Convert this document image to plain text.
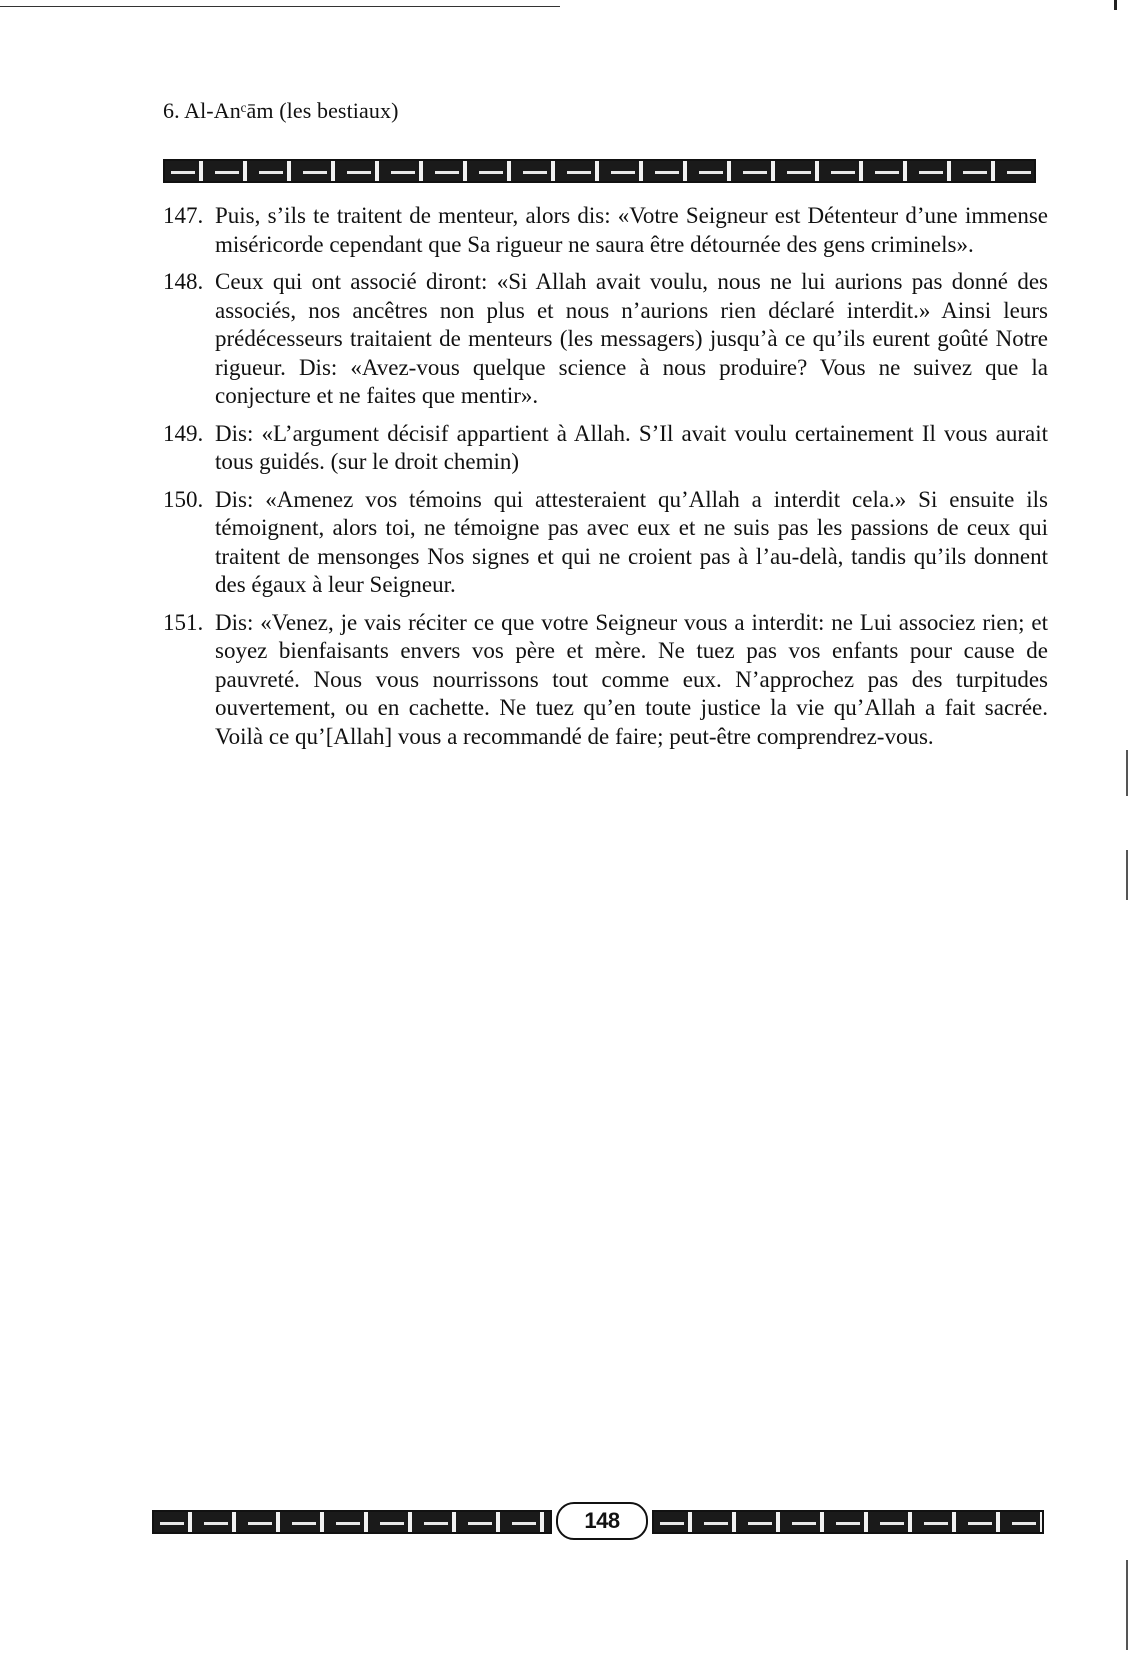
6. Al-Anᶜām (les bestiaux)
147. Puis, s’ils te traitent de menteur, alors dis: «Votre Seigneur est Détenteur d’une immense miséricorde cependant que Sa rigueur ne saura être détournée des gens criminels».
148. Ceux qui ont associé diront: «Si Allah avait voulu, nous ne lui aurions pas donné des associés, nos ancêtres non plus et nous n’aurions rien déclaré interdit.» Ainsi leurs prédécesseurs traitaient de menteurs (les messagers) jusqu’à ce qu’ils eurent goûté Notre rigueur. Dis: «Avez-vous quelque science à nous produire? Vous ne suivez que la conjecture et ne faites que mentir».
149. Dis: «L’argument décisif appartient à Allah. S’Il avait voulu certainement Il vous aurait tous guidés. (sur le droit chemin)
150. Dis: «Amenez vos témoins qui attesteraient qu’Allah a interdit cela.» Si ensuite ils témoignent, alors toi, ne témoigne pas avec eux et ne suis pas les passions de ceux qui traitent de mensonges Nos signes et qui ne croient pas à l’au-delà, tandis qu’ils donnent des égaux à leur Seigneur.
151. Dis: «Venez, je vais réciter ce que votre Seigneur vous a interdit: ne Lui associez rien; et soyez bienfaisants envers vos père et mère. Ne tuez pas vos enfants pour cause de pauvreté. Nous vous nourrissons tout comme eux. N’approchez pas des turpitudes ouvertement, ou en cachette. Ne tuez qu’en toute justice la vie qu’Allah a fait sacrée. Voilà ce qu’[Allah] vous a recommandé de faire; peut-être comprendrez-vous.
148
